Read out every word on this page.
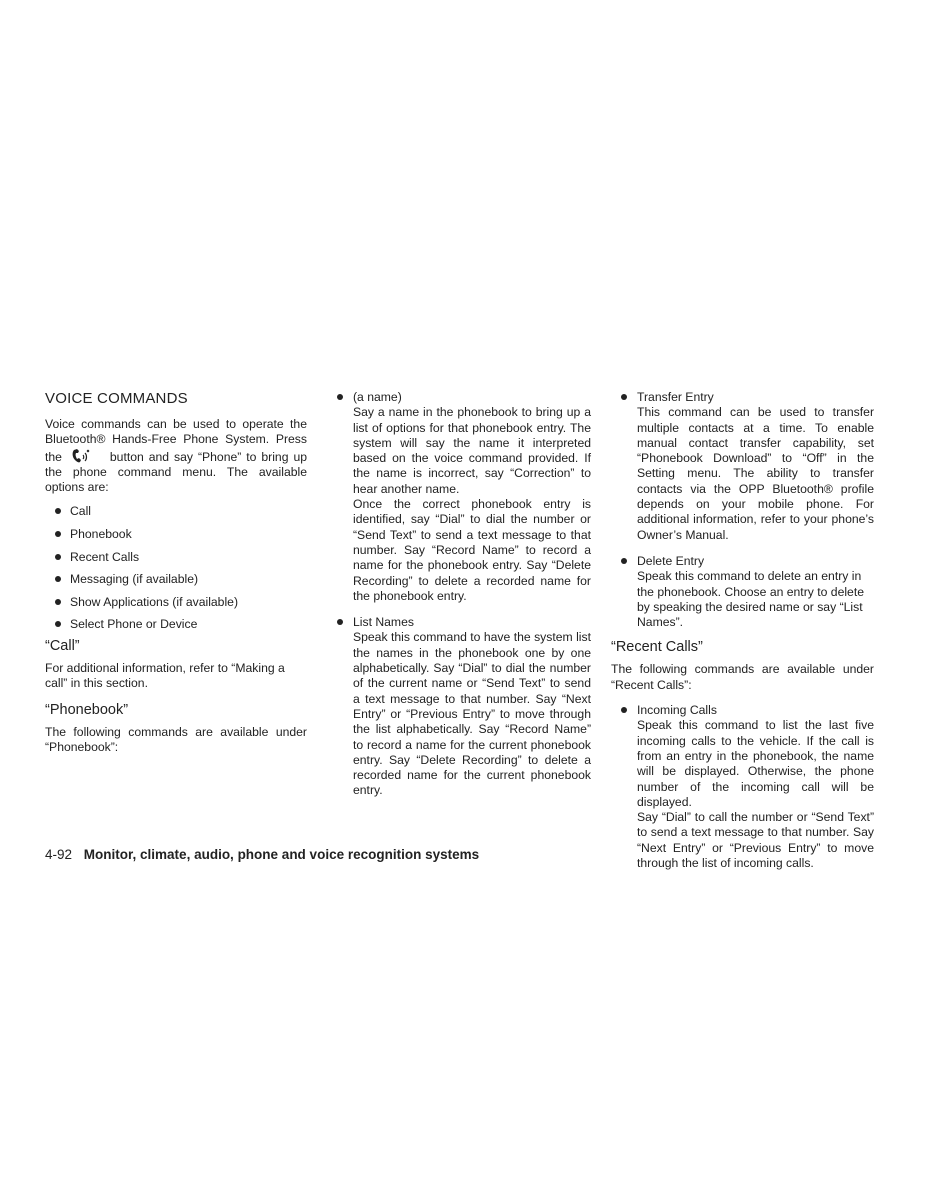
VOICE COMMANDS

Voice commands can be used to operate the Bluetooth® Hands-Free Phone System. Press the	button and say “Phone” to bring up the phone command menu. The available options are:

Call
Phonebook
Recent Calls
Messaging (if available)
Show Applications (if available)
Select Phone or Device
“Call”

For additional information, refer to “Making a call” in this section.

“Phonebook”

The following commands are available under “Phonebook”:

(a name)

Say a name in the phonebook to bring up a list of options for that phonebook entry. The system will say the name it interpreted based on the voice command provided. If the name is incorrect, say “Correction” to hear another name.

Once the correct phonebook entry is identified, say “Dial” to dial the number or “Send Text” to send a text message to that number. Say “Record Name” to record a name for the phonebook entry. Say “Delete Recording” to delete a recorded name for the phonebook entry.

List Names

Speak this command to have the system list the names in the phonebook one by one alphabetically. Say “Dial” to dial the number of the current name or “Send Text” to send a text message to that number. Say “Next Entry” or “Previous Entry” to move through the list alphabetically. Say “Record Name” to record a name for the current phonebook entry. Say “Delete Recording” to delete a recorded name for the current phonebook entry.

Transfer Entry

This command can be used to transfer multiple contacts at a time. To enable manual contact transfer capability, set “Phonebook Download” to “Off” in the Setting menu. The ability to transfer contacts via the OPP Bluetooth® profile depends on your mobile phone. For additional information, refer to your phone’s Owner’s Manual.

Delete Entry

Speak this command to delete an entry in the phonebook. Choose an entry to delete by speaking the desired name or say “List Names”.

“Recent Calls”

The following commands are available under “Recent Calls”:

Incoming Calls

Speak this command to list the last five incoming calls to the vehicle. If the call is from an entry in the phonebook, the name will be displayed. Otherwise, the phone number of the incoming call will be displayed.

Say “Dial” to call the number or “Send Text” to send a text message to that number. Say “Next Entry” or “Previous Entry” to move through the list of incoming calls.

4-92 Monitor, climate, audio, phone and voice recognition systems
